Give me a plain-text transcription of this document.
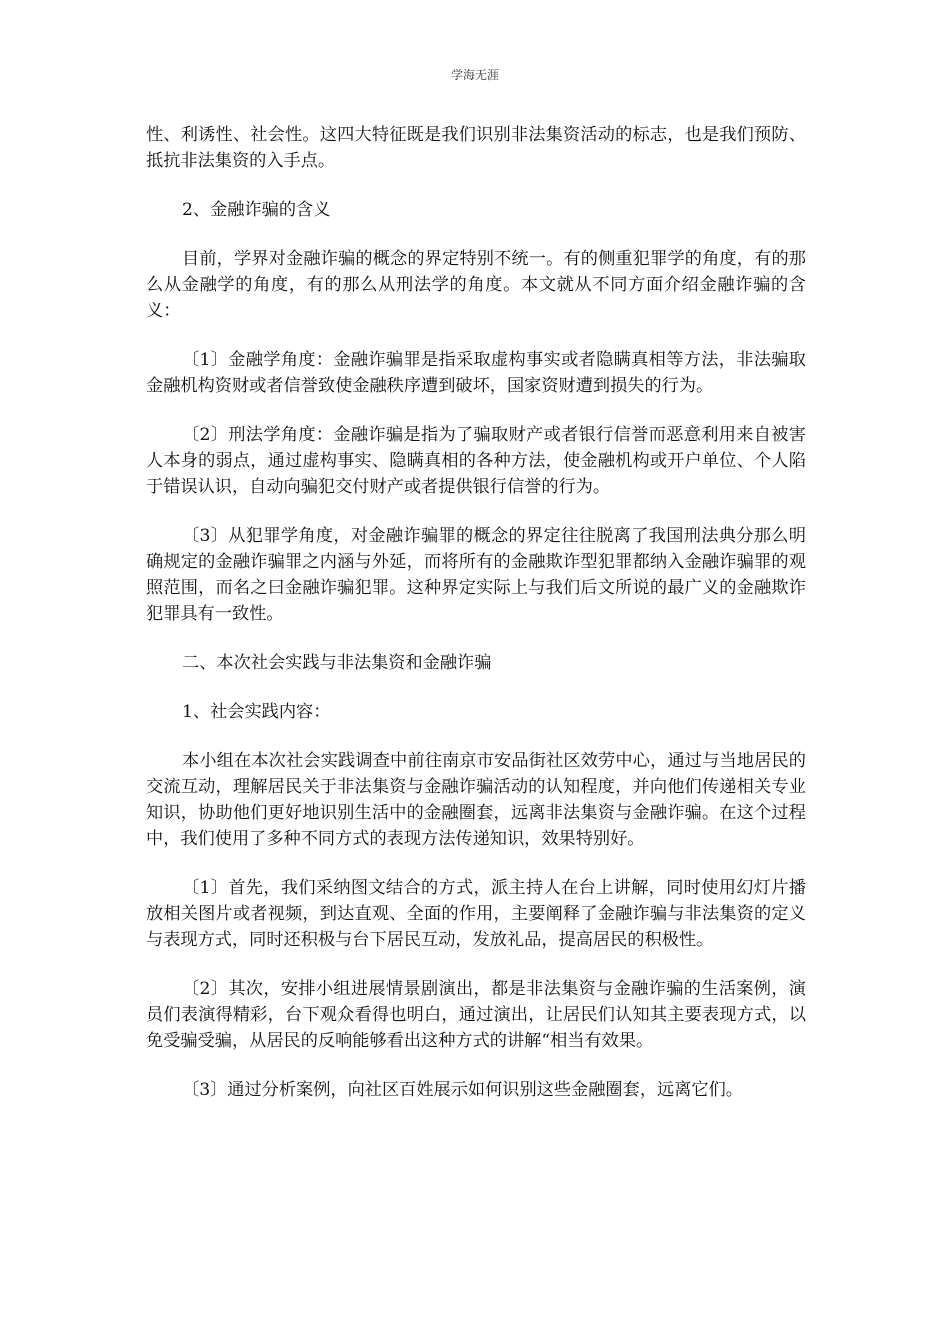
学海无涯

性、利诱性、社会性。这四大特征既是我们识别非法集资活动的标志，也是我们预防、抵抗非法集资的入手点。

2、金融诈骗的含义

目前，学界对金融诈骗的概念的界定特别不统一。有的侧重犯罪学的角度，有的那么从金融学的角度，有的那么从刑法学的角度。本文就从不同方面介绍金融诈骗的含义：

〔1〕金融学角度：金融诈骗罪是指采取虚构事实或者隐瞒真相等方法，非法骗取金融机构资财或者信誉致使金融秩序遭到破坏，国家资财遭到损失的行为。

〔2〕刑法学角度：金融诈骗是指为了骗取财产或者银行信誉而恶意利用来自被害人本身的弱点，通过虚构事实、隐瞒真相的各种方法，使金融机构或开户单位、个人陷于错误认识，自动向骗犯交付财产或者提供银行信誉的行为。

〔3〕从犯罪学角度，对金融诈骗罪的概念的界定往往脱离了我国刑法典分那么明确规定的金融诈骗罪之内涵与外延，而将所有的金融欺诈型犯罪都纳入金融诈骗罪的观照范围，而名之曰金融诈骗犯罪。这种界定实际上与我们后文所说的最广义的金融欺诈犯罪具有一致性。

二、本次社会实践与非法集资和金融诈骗

1、社会实践内容：

本小组在本次社会实践调查中前往南京市安品街社区效劳中心，通过与当地居民的交流互动，理解居民关于非法集资与金融诈骗活动的认知程度，并向他们传递相关专业知识，协助他们更好地识别生活中的金融圈套，远离非法集资与金融诈骗。在这个过程中，我们使用了多种不同方式的表现方法传递知识，效果特别好。

〔1〕首先，我们采纳图文结合的方式，派主持人在台上讲解，同时使用幻灯片播放相关图片或者视频，到达直观、全面的作用，主要阐释了金融诈骗与非法集资的定义与表现方式，同时还积极与台下居民互动，发放礼品，提高居民的积极性。

〔2〕其次，安排小组进展情景剧演出，都是非法集资与金融诈骗的生活案例，演员们表演得精彩，台下观众看得也明白，通过演出，让居民们认知其主要表现方式，以免受骗受骗，从居民的反响能够看出这种方式的讲解“相当有效果。

〔3〕通过分析案例，向社区百姓展示如何识别这些金融圈套，远离它们。
